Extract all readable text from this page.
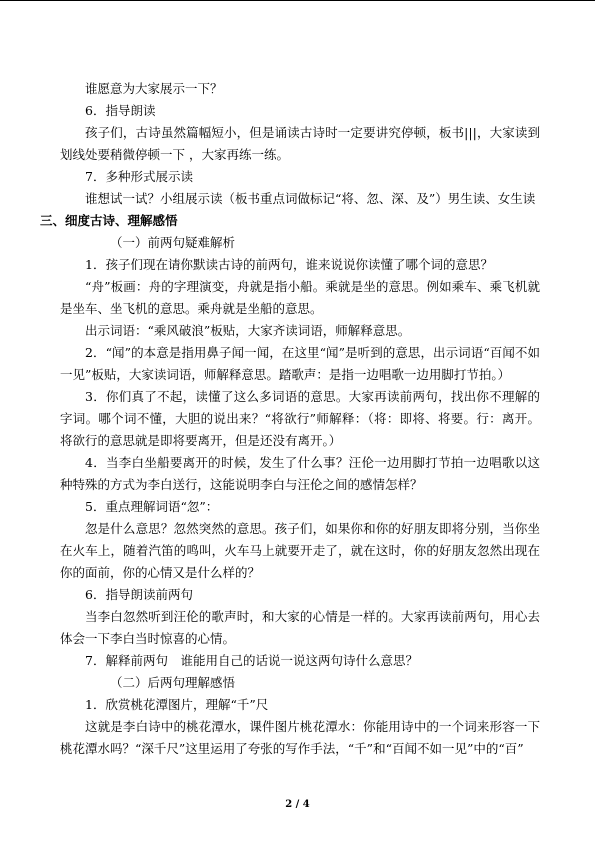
谁愿意为大家展示一下？

6．指导朗读

孩子们，古诗虽然篇幅短小，但是诵读古诗时一定要讲究停顿，板书|||，大家读到划线处要稍微停顿一下 ，大家再练一练。

7．多种形式展示读

谁想试一试？小组展示读（板书重点词做标记“将、忽、深、及”）男生读、女生读

三、细度古诗、理解感悟

（一）前两句疑难解析

1．孩子们现在请你默读古诗的前两句，谁来说说你读懂了哪个词的意思？

“舟”板画：舟的字理演变，舟就是指小船。乘就是坐的意思。例如乘车、乘飞机就是坐车、坐飞机的意思。乘舟就是坐船的意思。

出示词语：“乘风破浪”板贴，大家齐读词语，师解释意思。

2．“闻”的本意是指用鼻子闻一闻，在这里“闻”是听到的意思，出示词语“百闻不如一见”板贴，大家读词语，师解释意思。踏歌声：是指一边唱歌一边用脚打节拍。）

3．你们真了不起，读懂了这么多词语的意思。大家再读前两句，找出你不理解的字词。哪个词不懂，大胆的说出来？“将欲行”师解释：（将：即将、将要。行：离开。将欲行的意思就是即将要离开，但是还没有离开。）

4．当李白坐船要离开的时候，发生了什么事？汪伦一边用脚打节拍一边唱歌以这种特殊的方式为李白送行，这能说明李白与汪伦之间的感情怎样？

5．重点理解词语“忽”：

忽是什么意思？忽然突然的意思。孩子们，如果你和你的好朋友即将分别，当你坐在火车上，随着汽笛的鸣叫，火车马上就要开走了，就在这时，你的好朋友忽然出现在你的面前，你的心情又是什么样的？

6．指导朗读前两句

当李白忽然听到汪伦的歌声时，和大家的心情是一样的。大家再读前两句，用心去体会一下李白当时惊喜的心情。

7．解释前两句　谁能用自己的话说一说这两句诗什么意思？

（二）后两句理解感悟

1．欣赏桃花潭图片，理解“千”尺

这就是李白诗中的桃花潭水，课件图片桃花潭水：你能用诗中的一个词来形容一下桃花潭水吗？“深千尺”这里运用了夸张的写作手法，“千”和“百闻不如一见”中的“百”

2 / 4
